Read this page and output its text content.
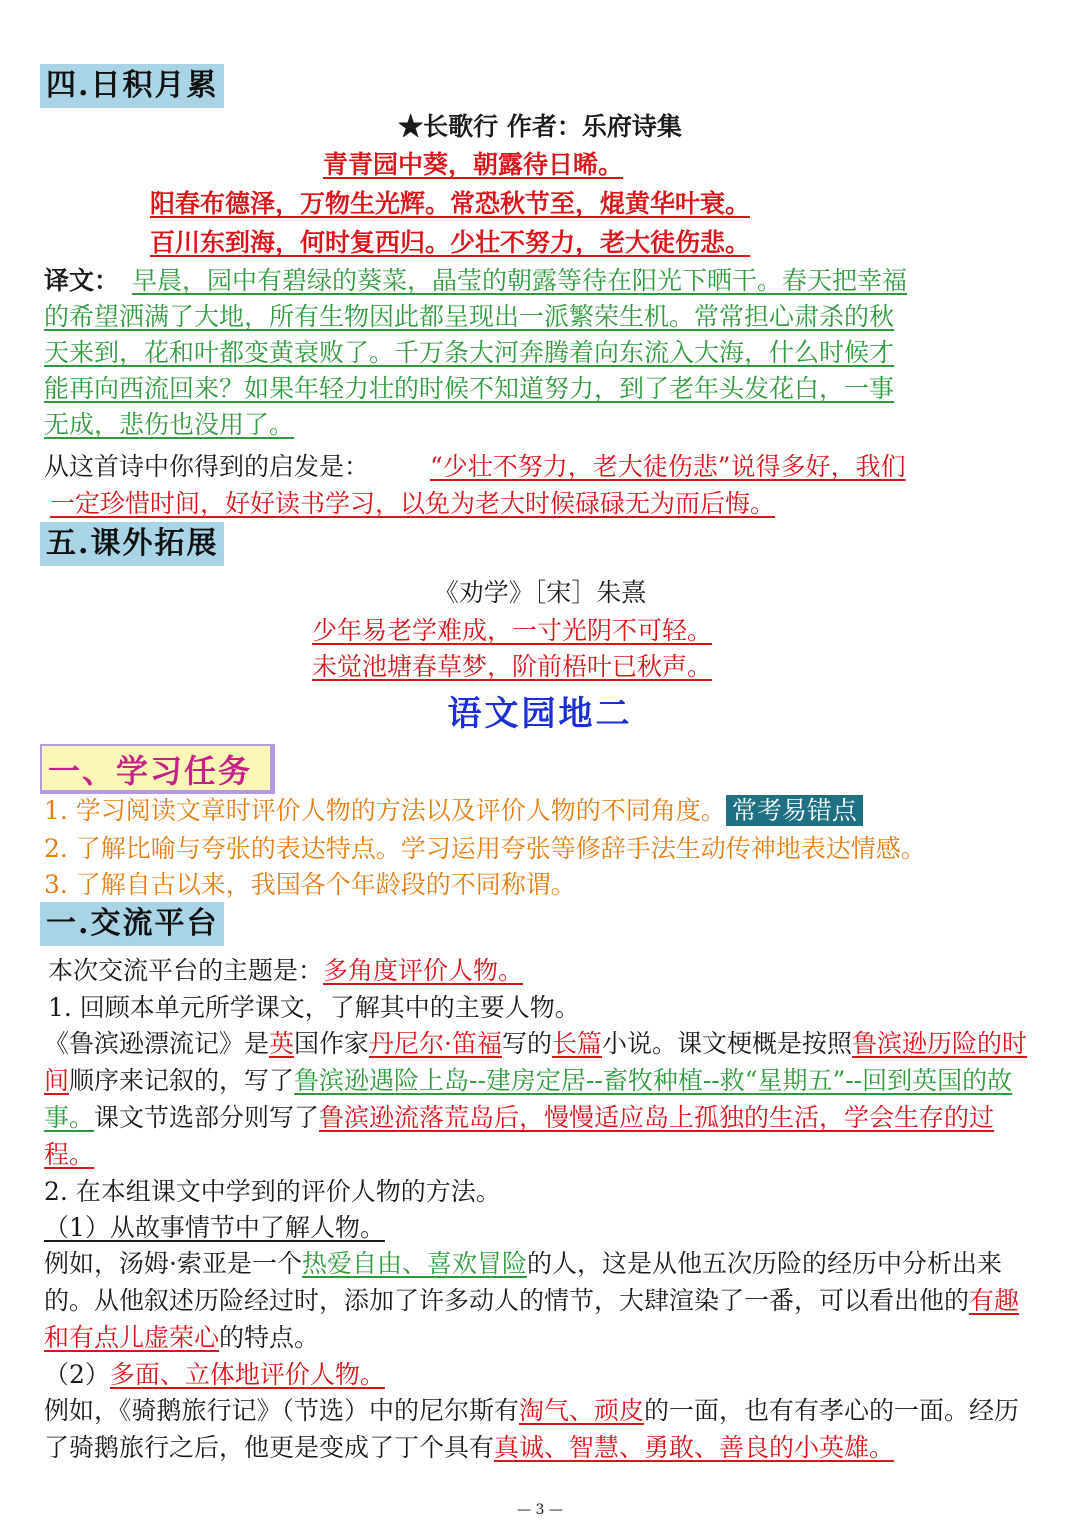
四.日积月累
★长歌行 作者：乐府诗集
青青园中葵，朝露待日晞。
阳春布德泽，万物生光辉。常恐秋节至，焜黄华叶衰。
百川东到海，何时复西归。少壮不努力，老大徒伤悲。
译文： 早晨，园中有碧绿的葵菜，晶莹的朝露等待在阳光下晒干。春天把幸福
的希望洒满了大地，所有生物因此都呈现出一派繁荣生机。常常担心肃杀的秋
天来到，花和叶都变黄衰败了。千万条大河奔腾着向东流入大海，什么时候才
能再向西流回来？如果年轻力壮的时候不知道努力，到了老年头发花白，一事
无成，悲伤也没用了。
从这首诗中你得到的启发是： “少壮不努力，老大徒伤悲”说得多好，我们
一定珍惜时间，好好读书学习，以免为老大时候碌碌无为而后悔。
五.课外拓展
《劝学》［宋］朱熹
少年易老学难成，一寸光阴不可轻。
未觉池塘春草梦，阶前梧叶已秋声。
语文园地二
一、学习任务
1. 学习阅读文章时评价人物的方法以及评价人物的不同角度。 常考易错点
2. 了解比喻与夸张的表达特点。学习运用夸张等修辞手法生动传神地表达情感。
3. 了解自古以来，我国各个年龄段的不同称谓。
一.交流平台
本次交流平台的主题是：多角度评价人物。
1. 回顾本单元所学课文，了解其中的主要人物。
《鲁滨逊漂流记》是英国作家丹尼尔·笛福写的长篇小说。课文梗概是按照鲁滨逊历险的时间顺序来记叙的，写了鲁滨逊遇险上岛--建房定居--畜牧种植--救“星期五”--回到英国的故事。课文节选部分则写了鲁滨逊流落荒岛后，慢慢适应岛上孤独的生活，学会生存的过程。
2. 在本组课文中学到的评价人物的方法。
（1）从故事情节中了解人物。
例如，汤姆·索亚是一个热爱自由、喜欢冒险的人，这是从他五次历险的经历中分析出来的。从他叙述历险经过时，添加了许多动人的情节，大肆渲染了一番，可以看出他的有趣和有点儿虚荣心的特点。
（2）多面、立体地评价人物。
例如，《骑鹅旅行记》（节选）中的尼尔斯有淘气、顽皮的一面，也有有孝心的一面。经历了骑鹅旅行之后，他更是变成了丁个具有真诚、智慧、勇敢、善良的小英雄。
— 3 —
